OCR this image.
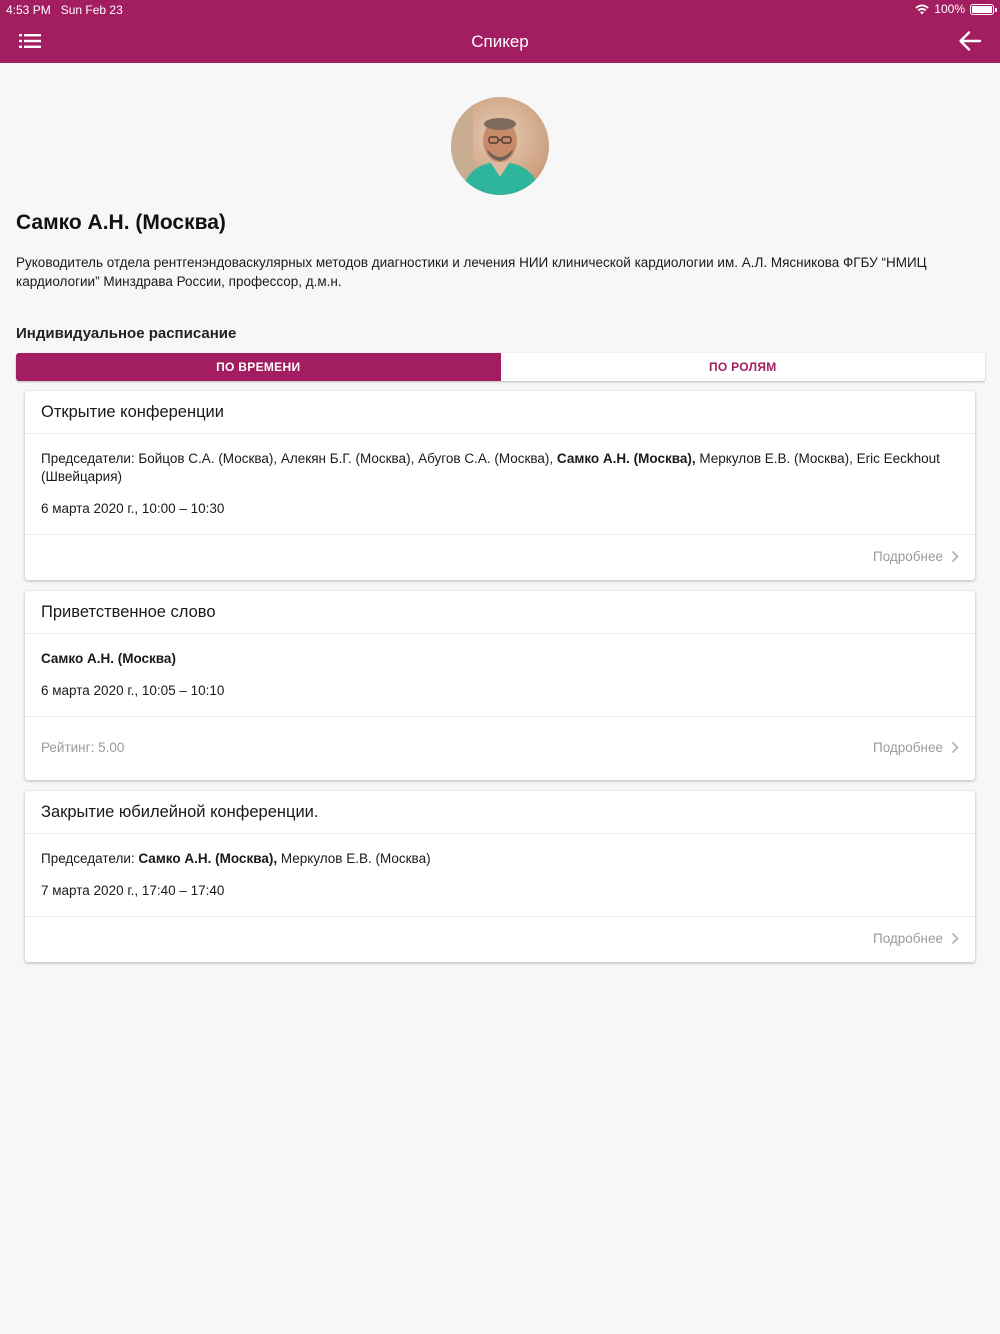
4:53 PM Sun Feb 23	100%
Спикер
Самко А.Н. (Москва)
Руководитель отдела рентгенэндоваскулярных методов диагностики и лечения НИИ клинической кардиологии им. А.Л. Мясникова ФГБУ “НМИЦ кардиологии” Минздрава России, профессор, д.м.н.
Индивидуальное расписание
ПО ВРЕМЕНИ	ПО РОЛЯМ
Открытие конференции
Председатели: Бойцов С.А. (Москва), Алекян Б.Г. (Москва), Абугов С.А. (Москва), Самко А.Н. (Москва), Меркулов Е.В. (Москва), Eric Eeckhout (Швейцария)
6 марта 2020 г., 10:00 – 10:30
Подробнее
Приветственное слово
Самко А.Н. (Москва)
6 марта 2020 г., 10:05 – 10:10
Рейтинг: 5.00	Подробнее
Закрытие юбилейной конференции.
Председатели: Самко А.Н. (Москва), Меркулов Е.В. (Москва)
7 марта 2020 г., 17:40 – 17:40
Подробнее
